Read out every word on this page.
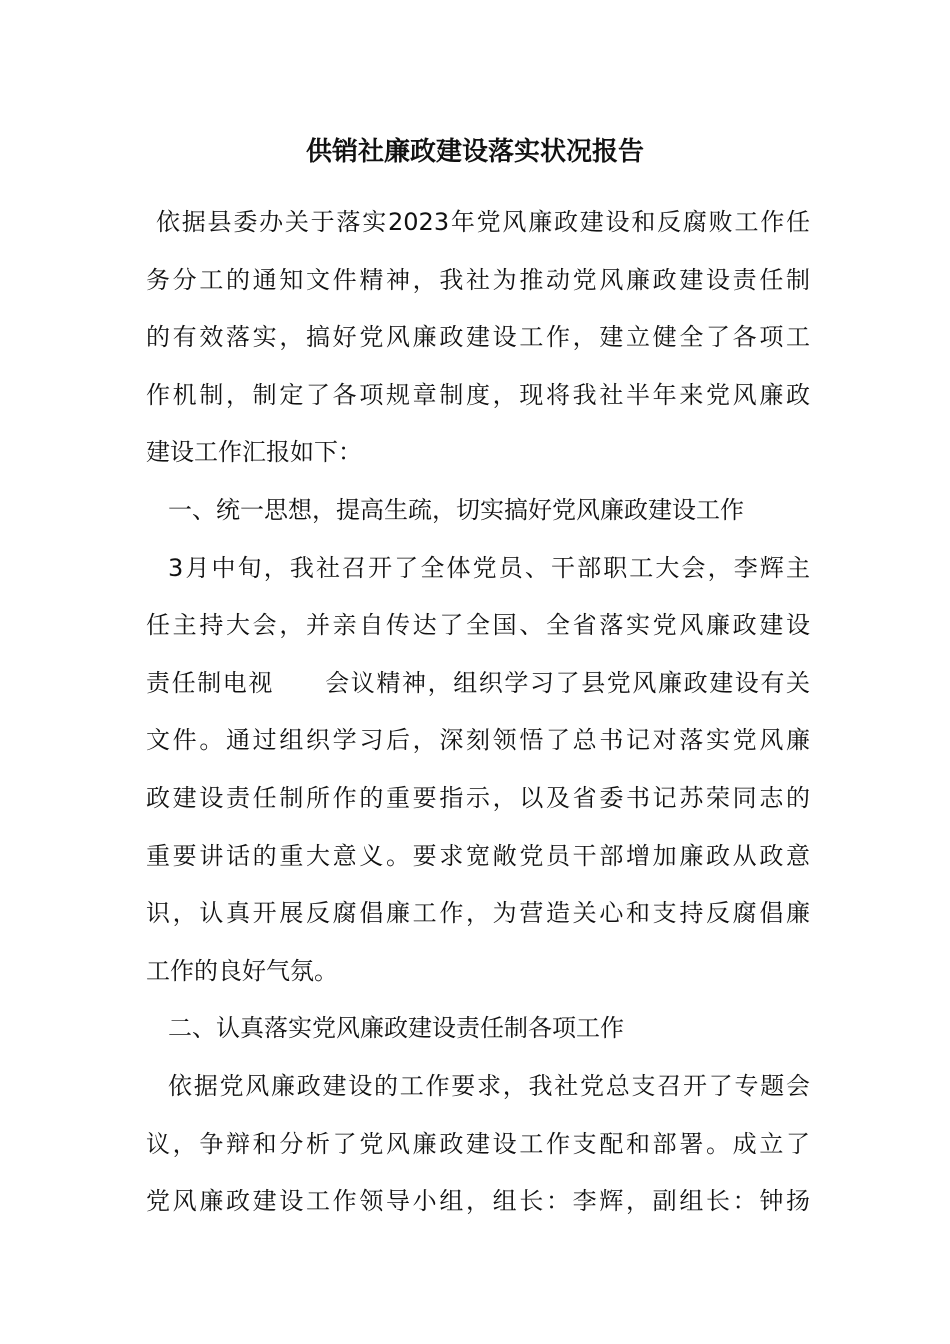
供销社廉政建设落实状况报告
依据县委办关于落实2023年党风廉政建设和反腐败工作任
务分工的通知文件精神，我社为推动党风廉政建设责任制
的有效落实，搞好党风廉政建设工作，建立健全了各项工
作机制，制定了各项规章制度，现将我社半年来党风廉政
建设工作汇报如下：
一、统一思想，提高生疏，切实搞好党风廉政建设工作
3月中旬，我社召开了全体党员、干部职工大会，李辉主
任主持大会，并亲自传达了全国、全省落实党风廉政建设
责任制电视　　会议精神，组织学习了县党风廉政建设有关
文件。通过组织学习后，深刻领悟了总书记对落实党风廉
政建设责任制所作的重要指示，以及省委书记苏荣同志的
重要讲话的重大意义。要求宽敞党员干部增加廉政从政意
识，认真开展反腐倡廉工作，为营造关心和支持反腐倡廉
工作的良好气氛。
二、认真落实党风廉政建设责任制各项工作
依据党风廉政建设的工作要求，我社党总支召开了专题会
议，争辩和分析了党风廉政建设工作支配和部署。成立了
党风廉政建设工作领导小组，组长：李辉，副组长：钟扬
